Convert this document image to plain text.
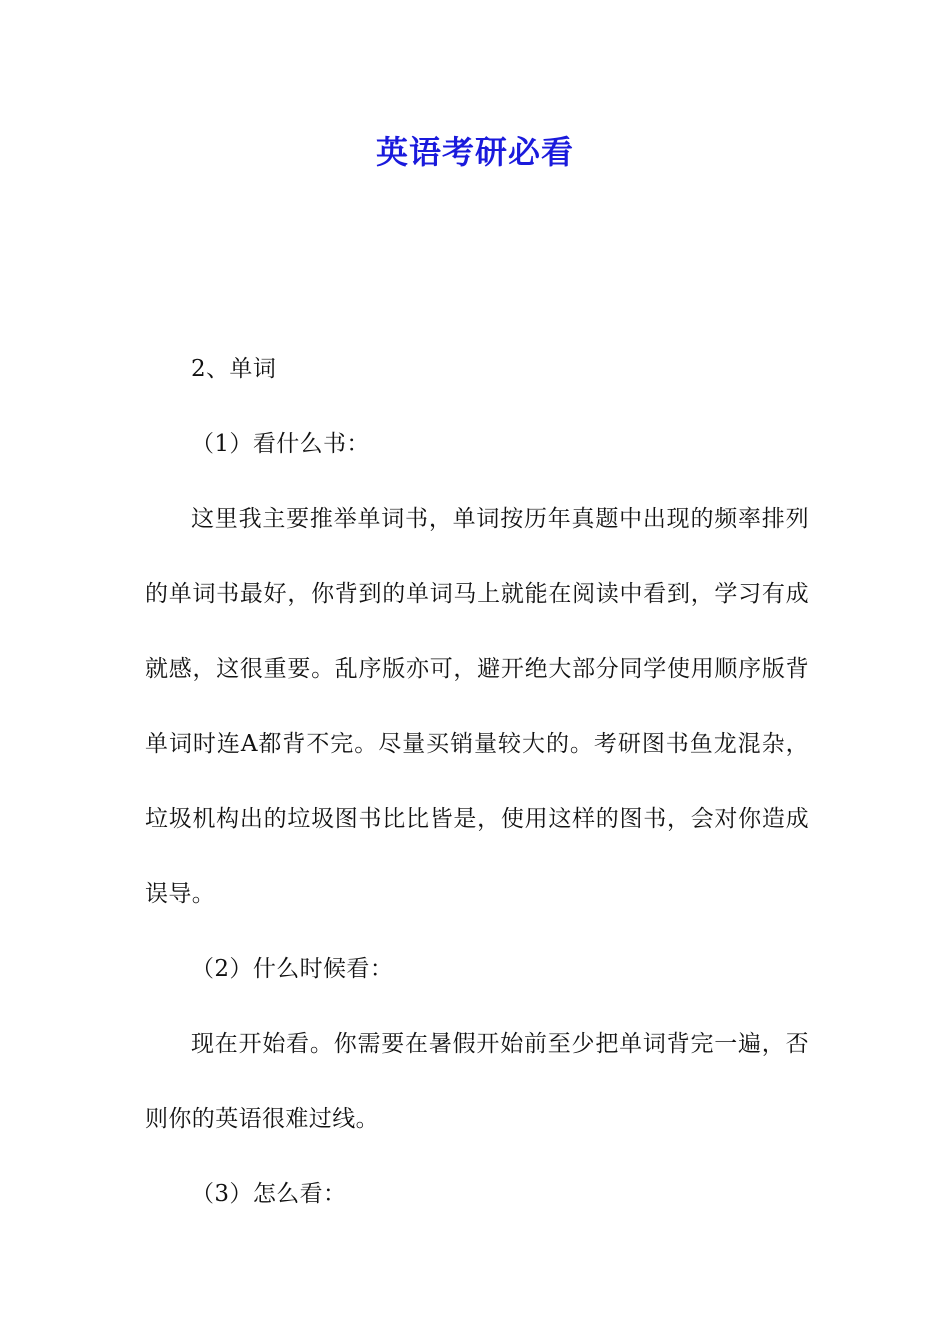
英语考研必看

2、单词

（1）看什么书：

这里我主要推举单词书，单词按历年真题中出现的频率排列的单词书最好，你背到的单词马上就能在阅读中看到，学习有成就感，这很重要。乱序版亦可，避开绝大部分同学使用顺序版背单词时连A都背不完。尽量买销量较大的。考研图书鱼龙混杂，垃圾机构出的垃圾图书比比皆是，使用这样的图书，会对你造成误导。

（2）什么时候看：

现在开始看。你需要在暑假开始前至少把单词背完一遍，否则你的英语很难过线。

（3）怎么看：
